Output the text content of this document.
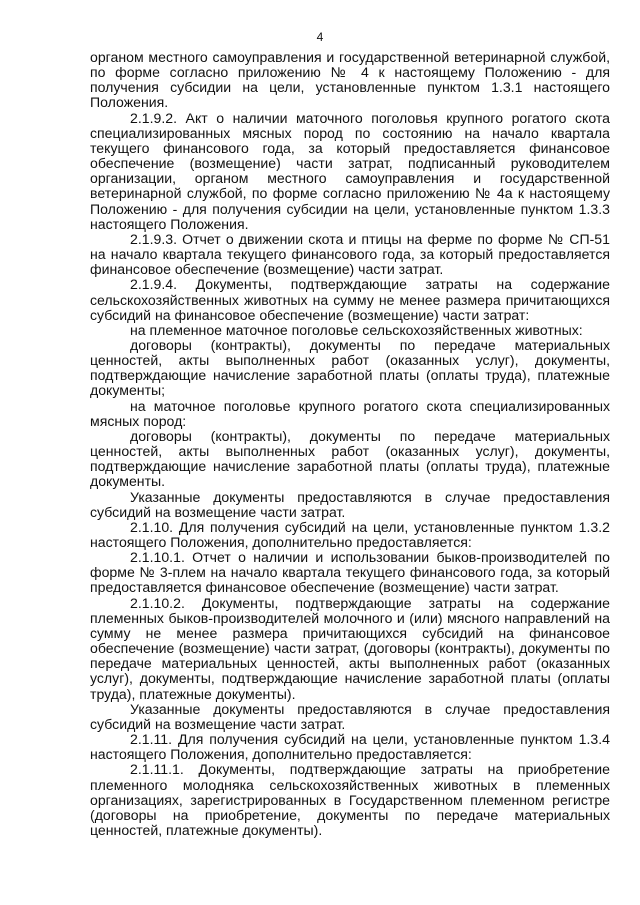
4

органом местного самоуправления и государственной ветеринарной службой, по форме согласно приложению № 4 к настоящему Положению - для получения субсидии на цели, установленные пунктом 1.3.1 настоящего Положения.

2.1.9.2. Акт о наличии маточного поголовья крупного рогатого скота специализированных мясных пород по состоянию на начало квартала текущего финансового года, за который предоставляется финансовое обеспечение (возмещение) части затрат, подписанный руководителем организации, органом местного самоуправления и государственной ветеринарной службой, по форме согласно приложению № 4а к настоящему Положению - для получения субсидии на цели, установленные пунктом 1.3.3 настоящего Положения.

2.1.9.3. Отчет о движении скота и птицы на ферме по форме № СП-51 на начало квартала текущего финансового года, за который предоставляется финансовое обеспечение (возмещение) части затрат.

2.1.9.4. Документы, подтверждающие затраты на содержание сельскохозяйственных животных на сумму не менее размера причитающихся субсидий на финансовое обеспечение (возмещение) части затрат:

на племенное маточное поголовье сельскохозяйственных животных:

договоры (контракты), документы по передаче материальных ценностей, акты выполненных работ (оказанных услуг), документы, подтверждающие начисление заработной платы (оплаты труда), платежные документы;

на маточное поголовье крупного рогатого скота специализированных мясных пород:

договоры (контракты), документы по передаче материальных ценностей, акты выполненных работ (оказанных услуг), документы, подтверждающие начисление заработной платы (оплаты труда), платежные документы.

Указанные документы предоставляются в случае предоставления субсидий на возмещение части затрат.

2.1.10. Для получения субсидий на цели, установленные пунктом 1.3.2 настоящего Положения, дополнительно предоставляется:

2.1.10.1. Отчет о наличии и использовании быков-производителей по форме № 3-плем на начало квартала текущего финансового года, за который предоставляется финансовое обеспечение (возмещение) части затрат.

2.1.10.2. Документы, подтверждающие затраты на содержание племенных быков-производителей молочного и (или) мясного направлений на сумму не менее размера причитающихся субсидий на финансовое обеспечение (возмещение) части затрат, (договоры (контракты), документы по передаче материальных ценностей, акты выполненных работ (оказанных услуг), документы, подтверждающие начисление заработной платы (оплаты труда), платежные документы).

Указанные документы предоставляются в случае предоставления субсидий на возмещение части затрат.

2.1.11. Для получения субсидий на цели, установленные пунктом 1.3.4 настоящего Положения, дополнительно предоставляется:

2.1.11.1. Документы, подтверждающие затраты на приобретение племенного молодняка сельскохозяйственных животных в племенных организациях, зарегистрированных в Государственном племенном регистре (договоры на приобретение, документы по передаче материальных ценностей, платежные документы).
